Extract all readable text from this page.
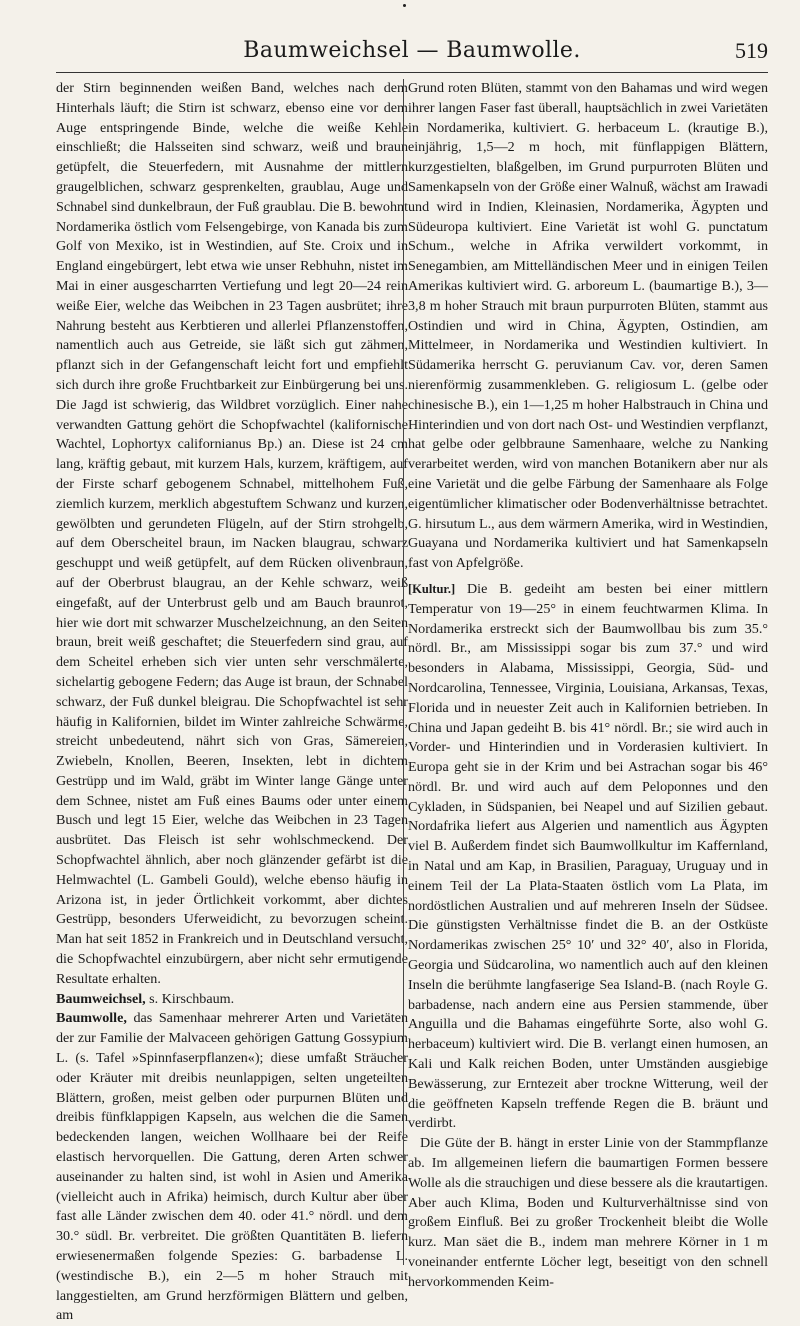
Baumweichsel — Baumwolle.	519

der Stirn beginnenden weißen Band, welches nach dem Hinterhals läuft; die Stirn ist schwarz, ebenso eine vor dem Auge entspringende Binde, welche die weiße Kehle einschließt; die Halsseiten sind schwarz, weiß und braun getüpfelt, die Steuerfedern, mit Ausnahme der mittlern graugelblichen, schwarz gesprenkelten, graublau, Auge und Schnabel sind dunkelbraun, der Fuß graublau. Die B. bewohnt Nordamerika östlich vom Felsengebirge, von Kanada bis zum Golf von Mexiko, ist in Westindien, auf Ste. Croix und in England eingebürgert, lebt etwa wie unser Rebhuhn, nistet im Mai in einer ausgescharrten Vertiefung und legt 20—24 rein weiße Eier, welche das Weibchen in 23 Tagen ausbrütet; ihre Nahrung besteht aus Kerbtieren und allerlei Pflanzenstoffen, namentlich auch aus Getreide, sie läßt sich gut zähmen, pflanzt sich in der Gefangenschaft leicht fort und empfiehlt sich durch ihre große Fruchtbarkeit zur Einbürgerung bei uns. Die Jagd ist schwierig, das Wildbret vorzüglich. Einer nahe verwandten Gattung gehört die Schopfwachtel (kalifornische Wachtel, Lophortyx californianus Bp.) an. Diese ist 24 cm lang, kräftig gebaut, mit kurzem Hals, kurzem, kräftigem, auf der Firste scharf gebogenem Schnabel, mittelhohem Fuß, ziemlich kurzem, merklich abgestuftem Schwanz und kurzen, gewölbten und gerundeten Flügeln, auf der Stirn strohgelb, auf dem Oberscheitel braun, im Nacken blaugrau, schwarz geschuppt und weiß getüpfelt, auf dem Rücken olivenbraun, auf der Oberbrust blaugrau, an der Kehle schwarz, weiß eingefaßt, auf der Unterbrust gelb und am Bauch braunrot, hier wie dort mit schwarzer Muschelzeichnung, an den Seiten braun, breit weiß geschaftet; die Steuerfedern sind grau, auf dem Scheitel erheben sich vier unten sehr verschmälerte, sichelartig gebogene Federn; das Auge ist braun, der Schnabel schwarz, der Fuß dunkel bleigrau. Die Schopfwachtel ist sehr häufig in Kalifornien, bildet im Winter zahlreiche Schwärme, streicht unbedeutend, nährt sich von Gras, Sämereien, Zwiebeln, Knollen, Beeren, Insekten, lebt in dichtem Gestrüpp und im Wald, gräbt im Winter lange Gänge unter dem Schnee, nistet am Fuß eines Baums oder unter einem Busch und legt 15 Eier, welche das Weibchen in 23 Tagen ausbrütet. Das Fleisch ist sehr wohlschmeckend. Der Schopfwachtel ähnlich, aber noch glänzender gefärbt ist die Helmwachtel (L. Gambeli Gould), welche ebenso häufig in Arizona ist, in jeder Örtlichkeit vorkommt, aber dichtes Gestrüpp, besonders Uferweidicht, zu bevorzugen scheint. Man hat seit 1852 in Frankreich und in Deutschland versucht, die Schopfwachtel einzubürgern, aber nicht sehr ermutigende Resultate erhalten.

Baumweichsel, s. Kirschbaum.

Baumwolle, das Samenhaar mehrerer Arten und Varietäten der zur Familie der Malvaceen gehörigen Gattung Gossypium L. (s. Tafel »Spinnfaserpflanzen«); diese umfaßt Sträucher oder Kräuter mit dreibis neunlappigen, selten ungeteilten Blättern, großen, meist gelben oder purpurnen Blüten und dreibis fünfklappigen Kapseln, aus welchen die die Samen bedeckenden langen, weichen Wollhaare bei der Reife elastisch hervorquellen. Die Gattung, deren Arten schwer auseinander zu halten sind, ist wohl in Asien und Amerika (vielleicht auch in Afrika) heimisch, durch Kultur aber über fast alle Länder zwischen dem 40. oder 41.° nördl. und dem 30.° südl. Br. verbreitet. Die größten Quantitäten B. liefern erwiesenermaßen folgende Spezies: G. barbadense L. (westindische B.), ein 2—5 m hoher Strauch mit langgestielten, am Grund herzförmigen Blättern und gelben, am

Grund roten Blüten, stammt von den Bahamas und wird wegen ihrer langen Faser fast überall, hauptsächlich in zwei Varietäten in Nordamerika, kultiviert. G. herbaceum L. (krautige B.), einjährig, 1,5—2 m hoch, mit fünflappigen Blättern, kurzgestielten, blaßgelben, im Grund purpurroten Blüten und Samenkapseln von der Größe einer Walnuß, wächst am Irawadi und wird in Indien, Kleinasien, Nordamerika, Ägypten und Südeuropa kultiviert. Eine Varietät ist wohl G. punctatum Schum., welche in Afrika verwildert vorkommt, in Senegambien, am Mittelländischen Meer und in einigen Teilen Amerikas kultiviert wird. G. arboreum L. (baumartige B.), 3—3,8 m hoher Strauch mit braun purpurroten Blüten, stammt aus Ostindien und wird in China, Ägypten, Ostindien, am Mittelmeer, in Nordamerika und Westindien kultiviert. In Südamerika herrscht G. peruvianum Cav. vor, deren Samen nierenförmig zusammenkleben. G. religiosum L. (gelbe oder chinesische B.), ein 1—1,25 m hoher Halbstrauch in China und Hinterindien und von dort nach Ost- und Westindien verpflanzt, hat gelbe oder gelbbraune Samenhaare, welche zu Nanking verarbeitet werden, wird von manchen Botanikern aber nur als eine Varietät und die gelbe Färbung der Samenhaare als Folge eigentümlicher klimatischer oder Bodenverhältnisse betrachtet. G. hirsutum L., aus dem wärmern Amerika, wird in Westindien, Guayana und Nordamerika kultiviert und hat Samenkapseln fast von Apfelgröße.

[Kultur.] Die B. gedeiht am besten bei einer mittlern Temperatur von 19—25° in einem feuchtwarmen Klima. In Nordamerika erstreckt sich der Baumwollbau bis zum 35.° nördl. Br., am Mississippi sogar bis zum 37.° und wird besonders in Alabama, Mississippi, Georgia, Süd- und Nordcarolina, Tennessee, Virginia, Louisiana, Arkansas, Texas, Florida und in neuester Zeit auch in Kalifornien betrieben. In China und Japan gedeiht B. bis 41° nördl. Br.; sie wird auch in Vorder- und Hinterindien und in Vorderasien kultiviert. In Europa geht sie in der Krim und bei Astrachan sogar bis 46° nördl. Br. und wird auch auf dem Peloponnes und den Cykladen, in Südspanien, bei Neapel und auf Sizilien gebaut. Nordafrika liefert aus Algerien und namentlich aus Ägypten viel B. Außerdem findet sich Baumwollkultur im Kaffernland, in Natal und am Kap, in Brasilien, Paraguay, Uruguay und in einem Teil der La Plata-Staaten östlich vom La Plata, im nordöstlichen Australien und auf mehreren Inseln der Südsee. Die günstigsten Verhältnisse findet die B. an der Ostküste Nordamerikas zwischen 25° 10′ und 32° 40′, also in Florida, Georgia und Südcarolina, wo namentlich auch auf den kleinen Inseln die berühmte langfaserige Sea Island-B. (nach Royle G. barbadense, nach andern eine aus Persien stammende, über Anguilla und die Bahamas eingeführte Sorte, also wohl G. herbaceum) kultiviert wird. Die B. verlangt einen humosen, an Kali und Kalk reichen Boden, unter Umständen ausgiebige Bewässerung, zur Erntezeit aber trockne Witterung, weil der die geöffneten Kapseln treffende Regen die B. bräunt und verdirbt.

Die Güte der B. hängt in erster Linie von der Stammpflanze ab. Im allgemeinen liefern die baumartigen Formen bessere Wolle als die strauchigen und diese bessere als die krautartigen. Aber auch Klima, Boden und Kulturverhältnisse sind von großem Einfluß. Bei zu großer Trockenheit bleibt die Wolle kurz. Man säet die B., indem man mehrere Körner in 1 m voneinander entfernte Löcher legt, beseitigt von den schnell hervorkommenden Keim-
